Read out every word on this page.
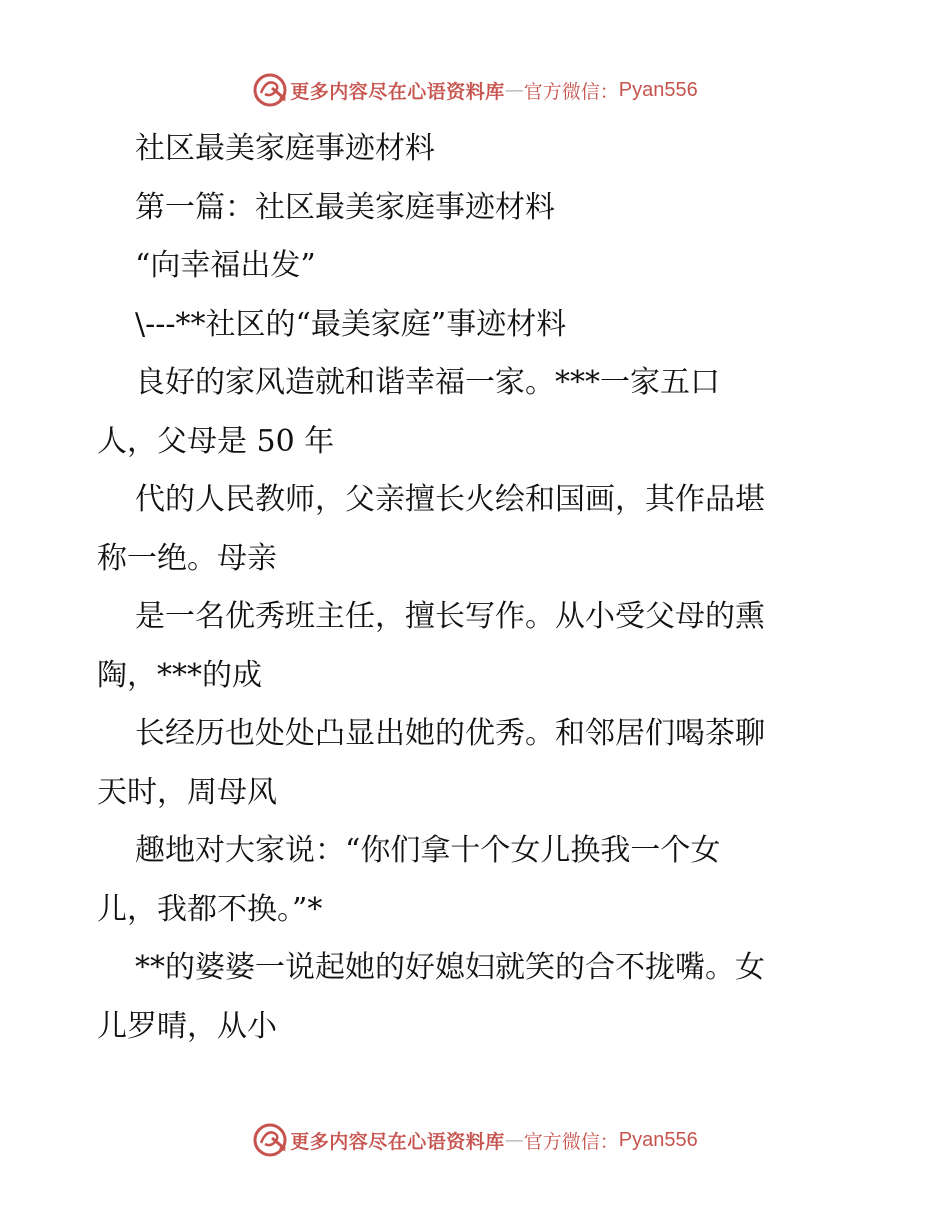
更多内容尽在心语资料库 — 官方微信： Pyan556
社区最美家庭事迹材料
第一篇：社区最美家庭事迹材料
“向幸福出发”
\---**社区的“最美家庭”事迹材料
良好的家风造就和谐幸福一家。***一家五口
人，父母是 50 年
代的人民教师，父亲擅长火绘和国画，其作品堪
称一绝。母亲
是一名优秀班主任，擅长写作。从小受父母的熏
陶，***的成
长经历也处处凸显出她的优秀。和邻居们喝茶聊
天时，周母风
趣地对大家说：“你们拿十个女儿换我一个女
儿，我都不换。”*
**的婆婆一说起她的好媳妇就笑的合不拢嘴。女
儿罗晴，从小
更多内容尽在心语资料库 — 官方微信： Pyan556
